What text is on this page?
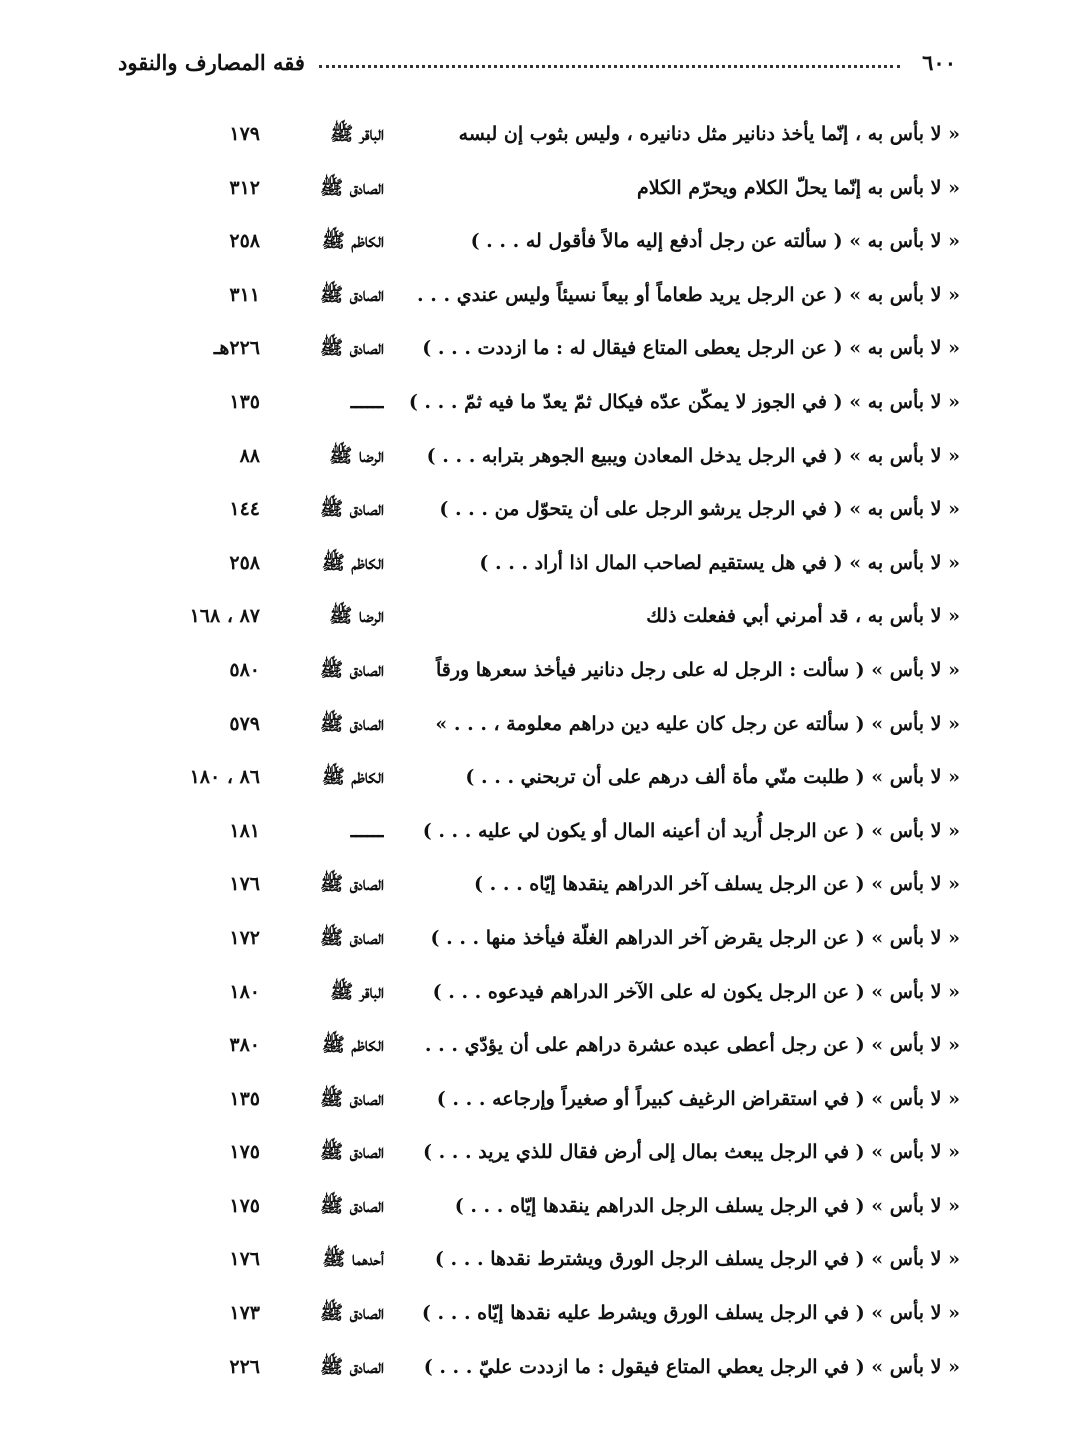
٦٠٠
فقه المصارف والنقود
« لا بأس به ، إنّما يأخذ دنانير مثل دنانيره ، وليس بثوب إن لبسه
الباقر ﷺ
١٧٩
« لا بأس به إنّما يحلّ الكلام ويحرّم الكلام
الصادق ﷺ
٣١٢
« لا بأس به » ( سألته عن رجل أدفع إليه مالاً فأقول له . . . )
الكاظم ﷺ
٢٥٨
« لا بأس به » ( عن الرجل يريد طعاماً أو بيعاً نسيئاً وليس عندي . . .
الصادق ﷺ
٣١١
« لا بأس به » ( عن الرجل يعطى المتاع فيقال له : ما ازددت . . . )
الصادق ﷺ
٢٢٦هـ
« لا بأس به » ( في الجوز لا يمكّن عدّه فيكال ثمّ يعدّ ما فيه ثمّ . . . )
ــــــ
١٣٥
« لا بأس به » ( في الرجل يدخل المعادن ويبيع الجوهر بترابه . . . )
الرضا ﷺ
٨٨
« لا بأس به » ( في الرجل يرشو الرجل على أن يتحوّل من . . . )
الصادق ﷺ
١٤٤
« لا بأس به » ( في هل يستقيم لصاحب المال اذا أراد . . . )
الكاظم ﷺ
٢٥٨
« لا بأس به ، قد أمرني أبي ففعلت ذلك
الرضا ﷺ
٨٧ ، ١٦٨
« لا بأس » ( سألت : الرجل له على رجل دنانير فيأخذ سعرها ورقاً
الصادق ﷺ
٥٨٠
« لا بأس » ( سألته عن رجل كان عليه دين دراهم معلومة ، . . . »
الصادق ﷺ
٥٧٩
« لا بأس » ( طلبت منّي مأة ألف درهم على أن تربحني . . . )
الكاظم ﷺ
٨٦ ، ١٨٠
« لا بأس » ( عن الرجل أُريد أن أعينه المال أو يكون لي عليه . . . )
ــــــ
١٨١
« لا بأس » ( عن الرجل يسلف آخر الدراهم ينقدها إيّاه . . . )
الصادق ﷺ
١٧٦
« لا بأس » ( عن الرجل يقرض آخر الدراهم الغلّة فيأخذ منها . . . )
الصادق ﷺ
١٧٢
« لا بأس » ( عن الرجل يكون له على الآخر الدراهم فيدعوه . . . )
الباقر ﷺ
١٨٠
« لا بأس » ( عن رجل أعطى عبده عشرة دراهم على أن يؤدّي . . .
الكاظم ﷺ
٣٨٠
« لا بأس » ( في استقراض الرغيف كبيراً أو صغيراً وإرجاعه . . . )
الصادق ﷺ
١٣٥
« لا بأس » ( في الرجل يبعث بمال إلى أرض فقال للذي يريد . . . )
الصادق ﷺ
١٧٥
« لا بأس » ( في الرجل يسلف الرجل الدراهم ينقدها إيّاه . . . )
الصادق ﷺ
١٧٥
« لا بأس » ( في الرجل يسلف الرجل الورق ويشترط نقدها . . . )
أحدهما ﷺ
١٧٦
« لا بأس » ( في الرجل يسلف الورق ويشرط عليه نقدها إيّاه . . . )
الصادق ﷺ
١٧٣
« لا بأس » ( في الرجل يعطي المتاع فيقول : ما ازددت عليّ . . . )
الصادق ﷺ
٢٢٦
